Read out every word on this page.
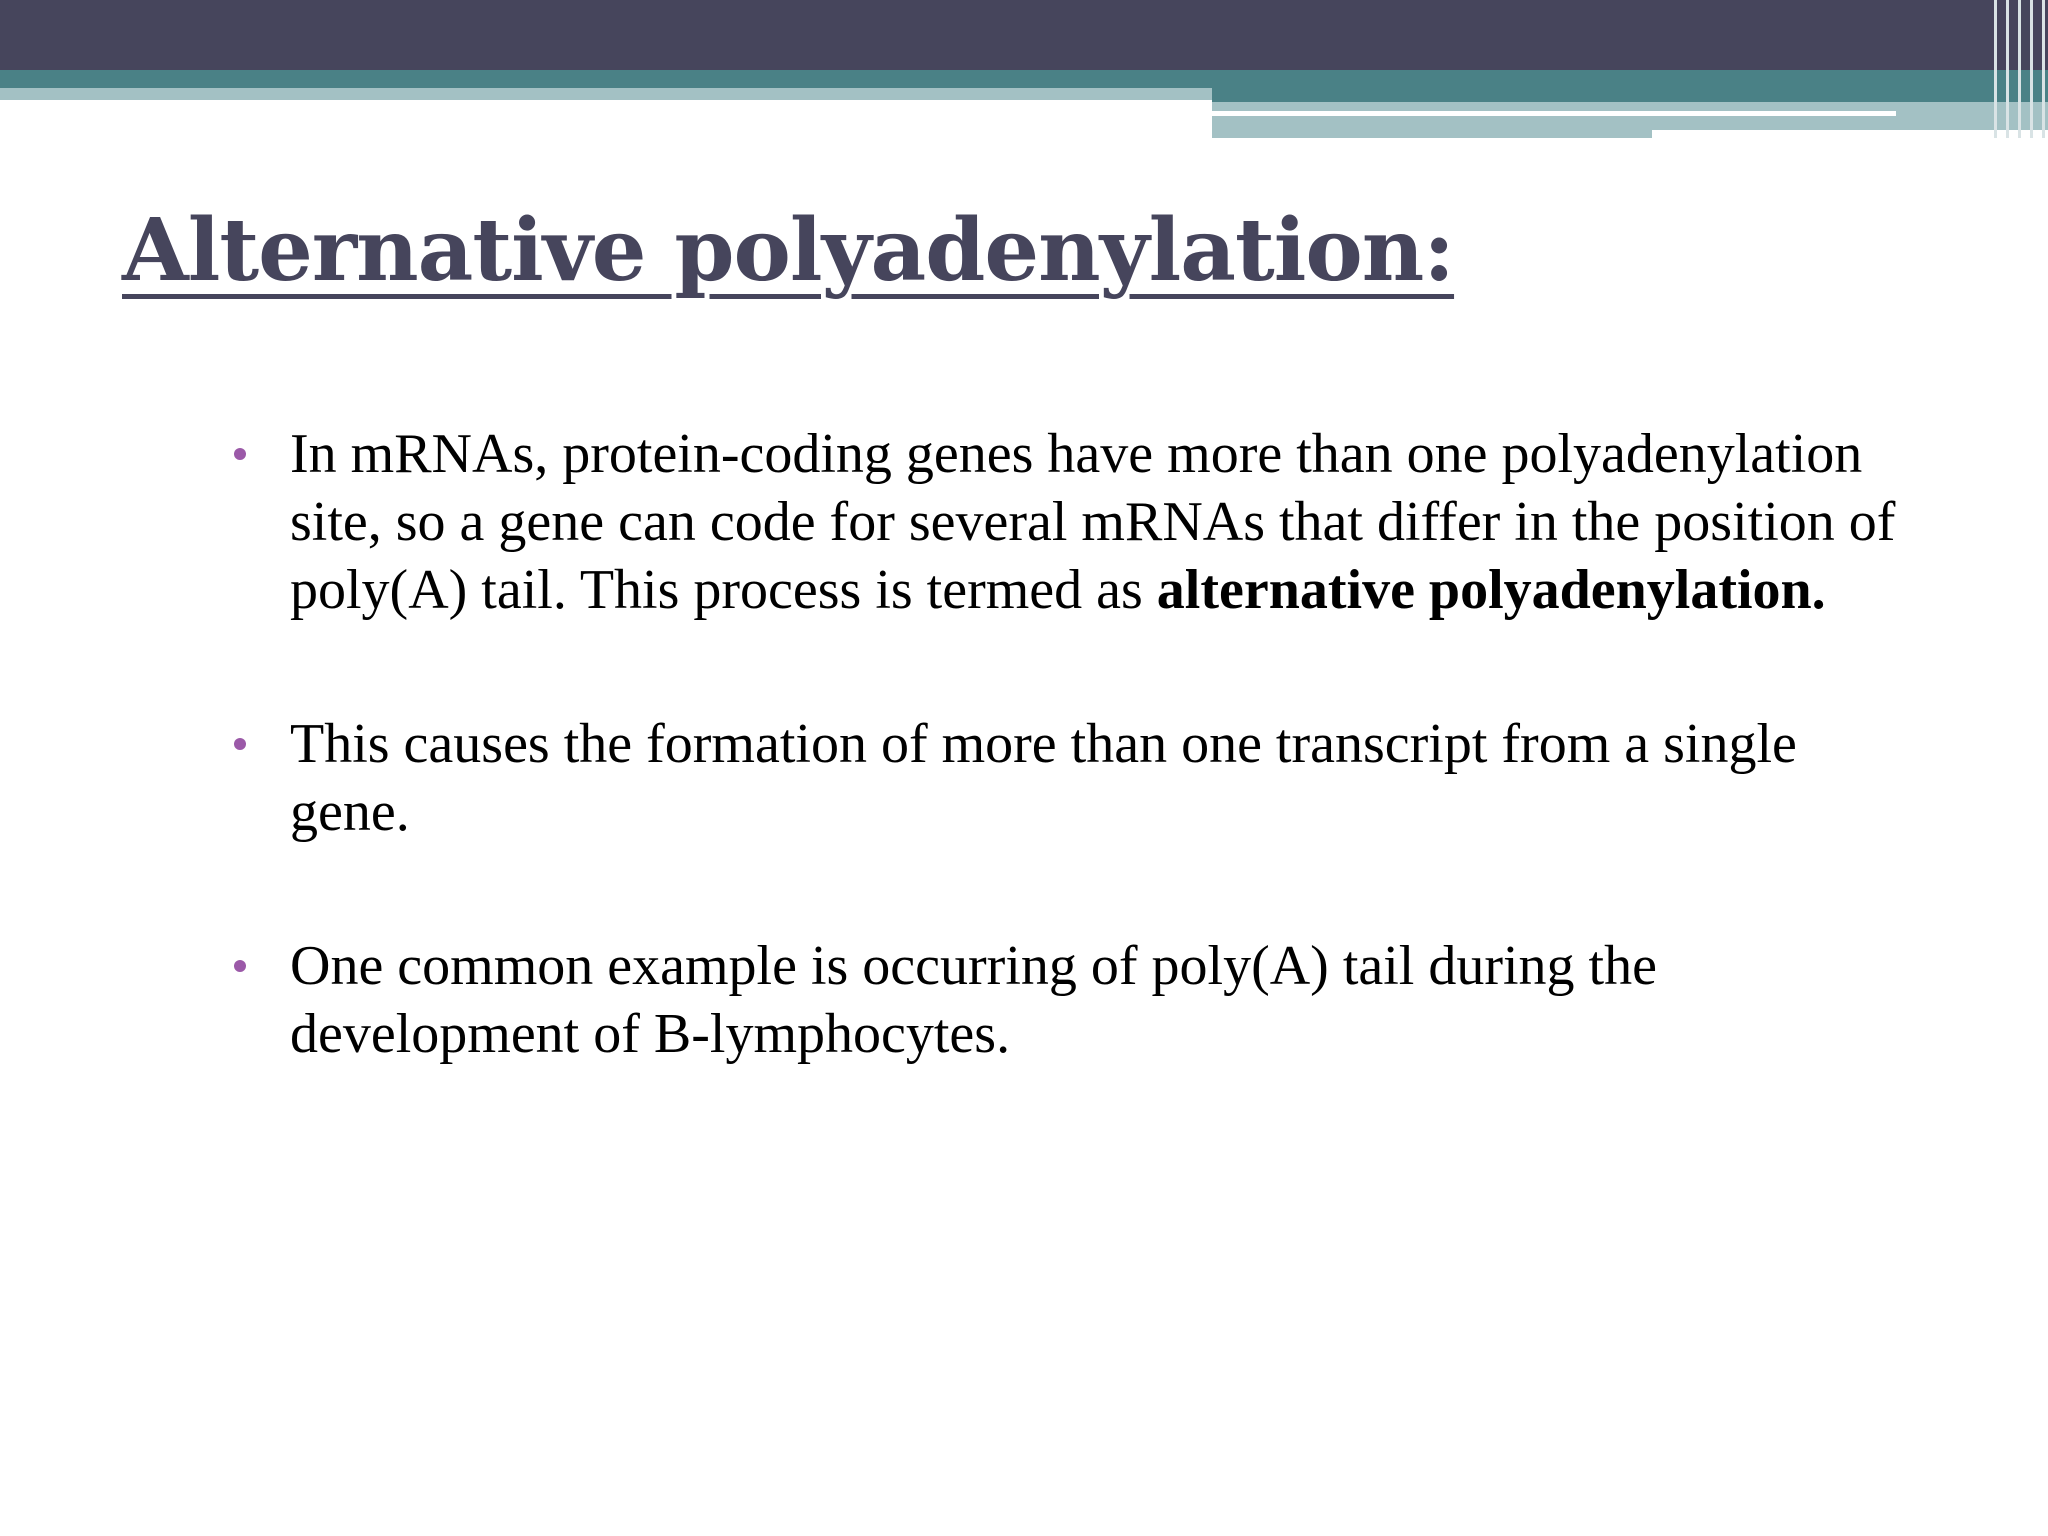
Alternative polyadenylation:
In mRNAs, protein-coding genes have more than one polyadenylation site, so a gene can code for several mRNAs that differ in the position of poly(A) tail. This process is termed as alternative polyadenylation.
This causes the formation of more than one transcript from a single gene.
One common example is occurring of poly(A) tail during the development of B-lymphocytes.
